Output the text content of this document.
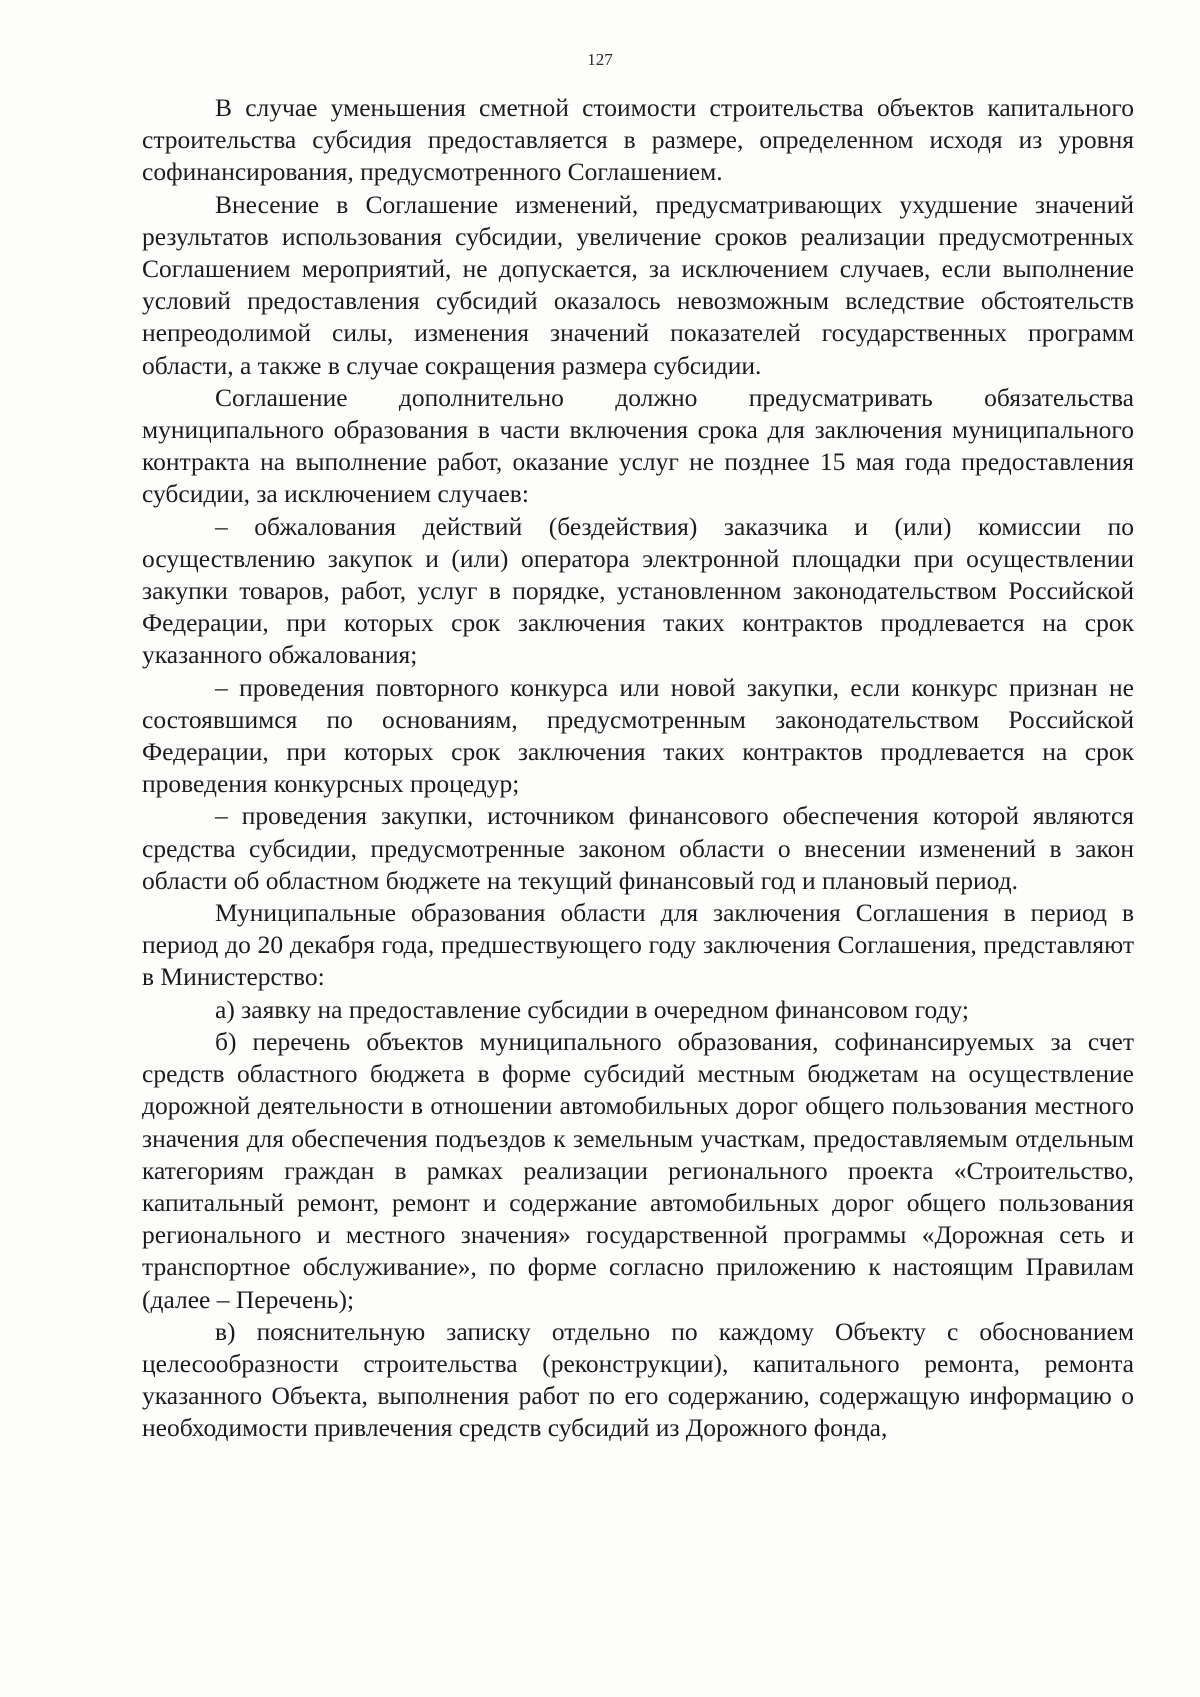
127

В случае уменьшения сметной стоимости строительства объектов капитального строительства субсидия предоставляется в размере, определенном исходя из уровня софинансирования, предусмотренного Соглашением.

Внесение в Соглашение изменений, предусматривающих ухудшение значений результатов использования субсидии, увеличение сроков реализации предусмотренных Соглашением мероприятий, не допускается, за исключением случаев, если выполнение условий предоставления субсидий оказалось невозможным вследствие обстоятельств непреодолимой силы, изменения значений показателей государственных программ области, а также в случае сокращения размера субсидии.

Соглашение дополнительно должно предусматривать обязательства муниципального образования в части включения срока для заключения муниципального контракта на выполнение работ, оказание услуг не позднее 15 мая года предоставления субсидии, за исключением случаев:

– обжалования действий (бездействия) заказчика и (или) комиссии по осуществлению закупок и (или) оператора электронной площадки при осуществлении закупки товаров, работ, услуг в порядке, установленном законодательством Российской Федерации, при которых срок заключения таких контрактов продлевается на срок указанного обжалования;

– проведения повторного конкурса или новой закупки, если конкурс признан не состоявшимся по основаниям, предусмотренным законодательством Российской Федерации, при которых срок заключения таких контрактов продлевается на срок проведения конкурсных процедур;

– проведения закупки, источником финансового обеспечения которой являются средства субсидии, предусмотренные законом области о внесении изменений в закон области об областном бюджете на текущий финансовый год и плановый период.

Муниципальные образования области для заключения Соглашения в период в период до 20 декабря года, предшествующего году заключения Соглашения, представляют в Министерство:

а) заявку на предоставление субсидии в очередном финансовом году;

б) перечень объектов муниципального образования, софинансируемых за счет средств областного бюджета в форме субсидий местным бюджетам на осуществление дорожной деятельности в отношении автомобильных дорог общего пользования местного значения для обеспечения подъездов к земельным участкам, предоставляемым отдельным категориям граждан в рамках реализации регионального проекта «Строительство, капитальный ремонт, ремонт и содержание автомобильных дорог общего пользования регионального и местного значения» государственной программы «Дорожная сеть и транспортное обслуживание», по форме согласно приложению к настоящим Правилам (далее – Перечень);

в) пояснительную записку отдельно по каждому Объекту с обоснованием целесообразности строительства (реконструкции), капитального ремонта, ремонта указанного Объекта, выполнения работ по его содержанию, содержащую информацию о необходимости привлечения средств субсидий из Дорожного фонда,
